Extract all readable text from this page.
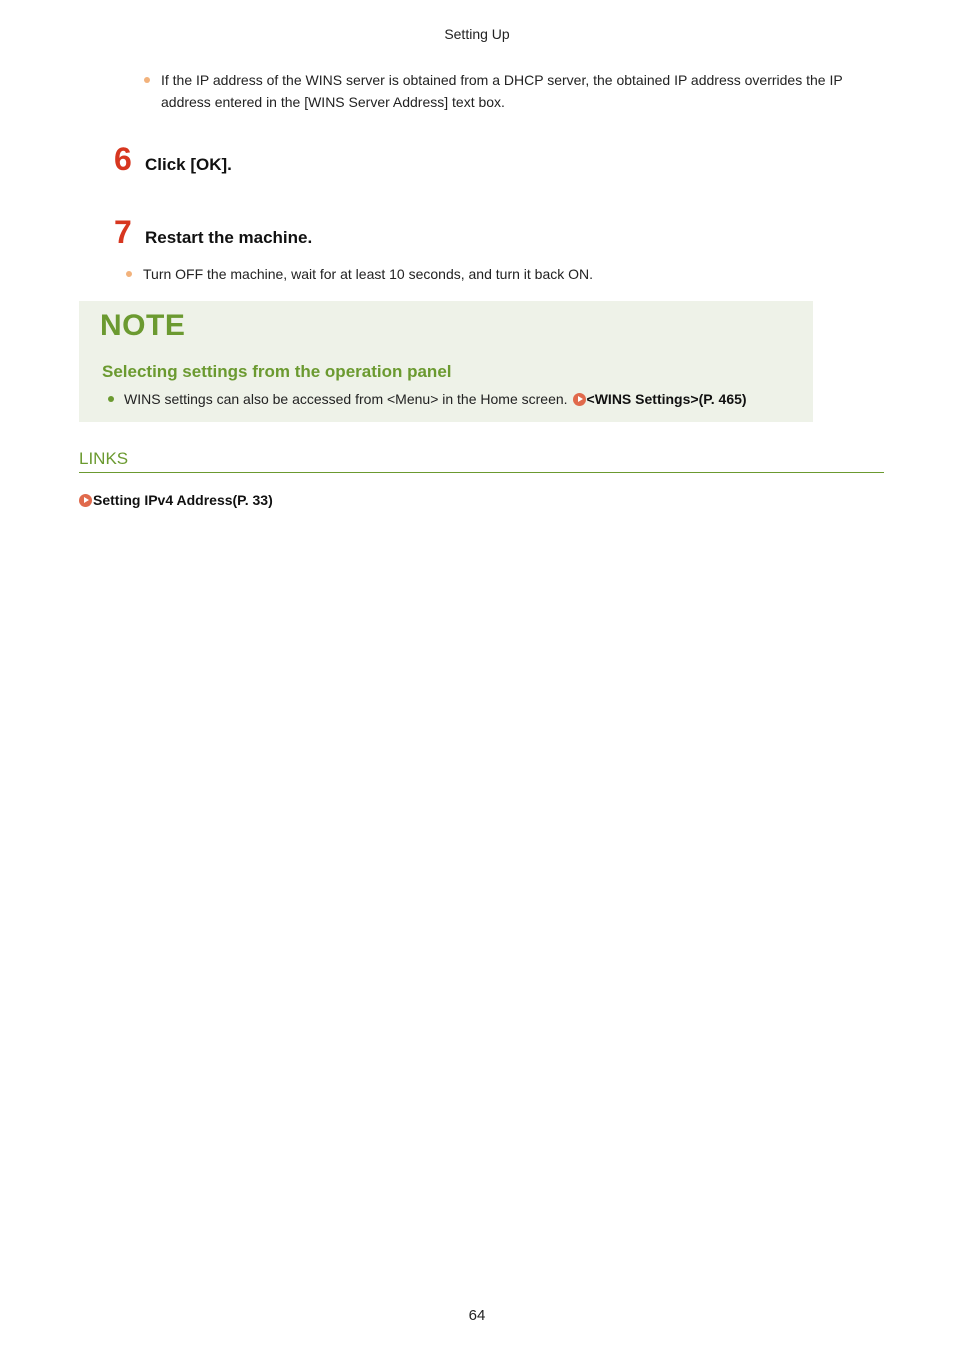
Setting Up
If the IP address of the WINS server is obtained from a DHCP server, the obtained IP address overrides the IP address entered in the [WINS Server Address] text box.
6 Click [OK].
7 Restart the machine.
Turn OFF the machine, wait for at least 10 seconds, and turn it back ON.
NOTE
Selecting settings from the operation panel
WINS settings can also be accessed from <Menu> in the Home screen.	<WINS Settings>(P. 465)
LINKS
Setting IPv4 Address(P. 33)
64
